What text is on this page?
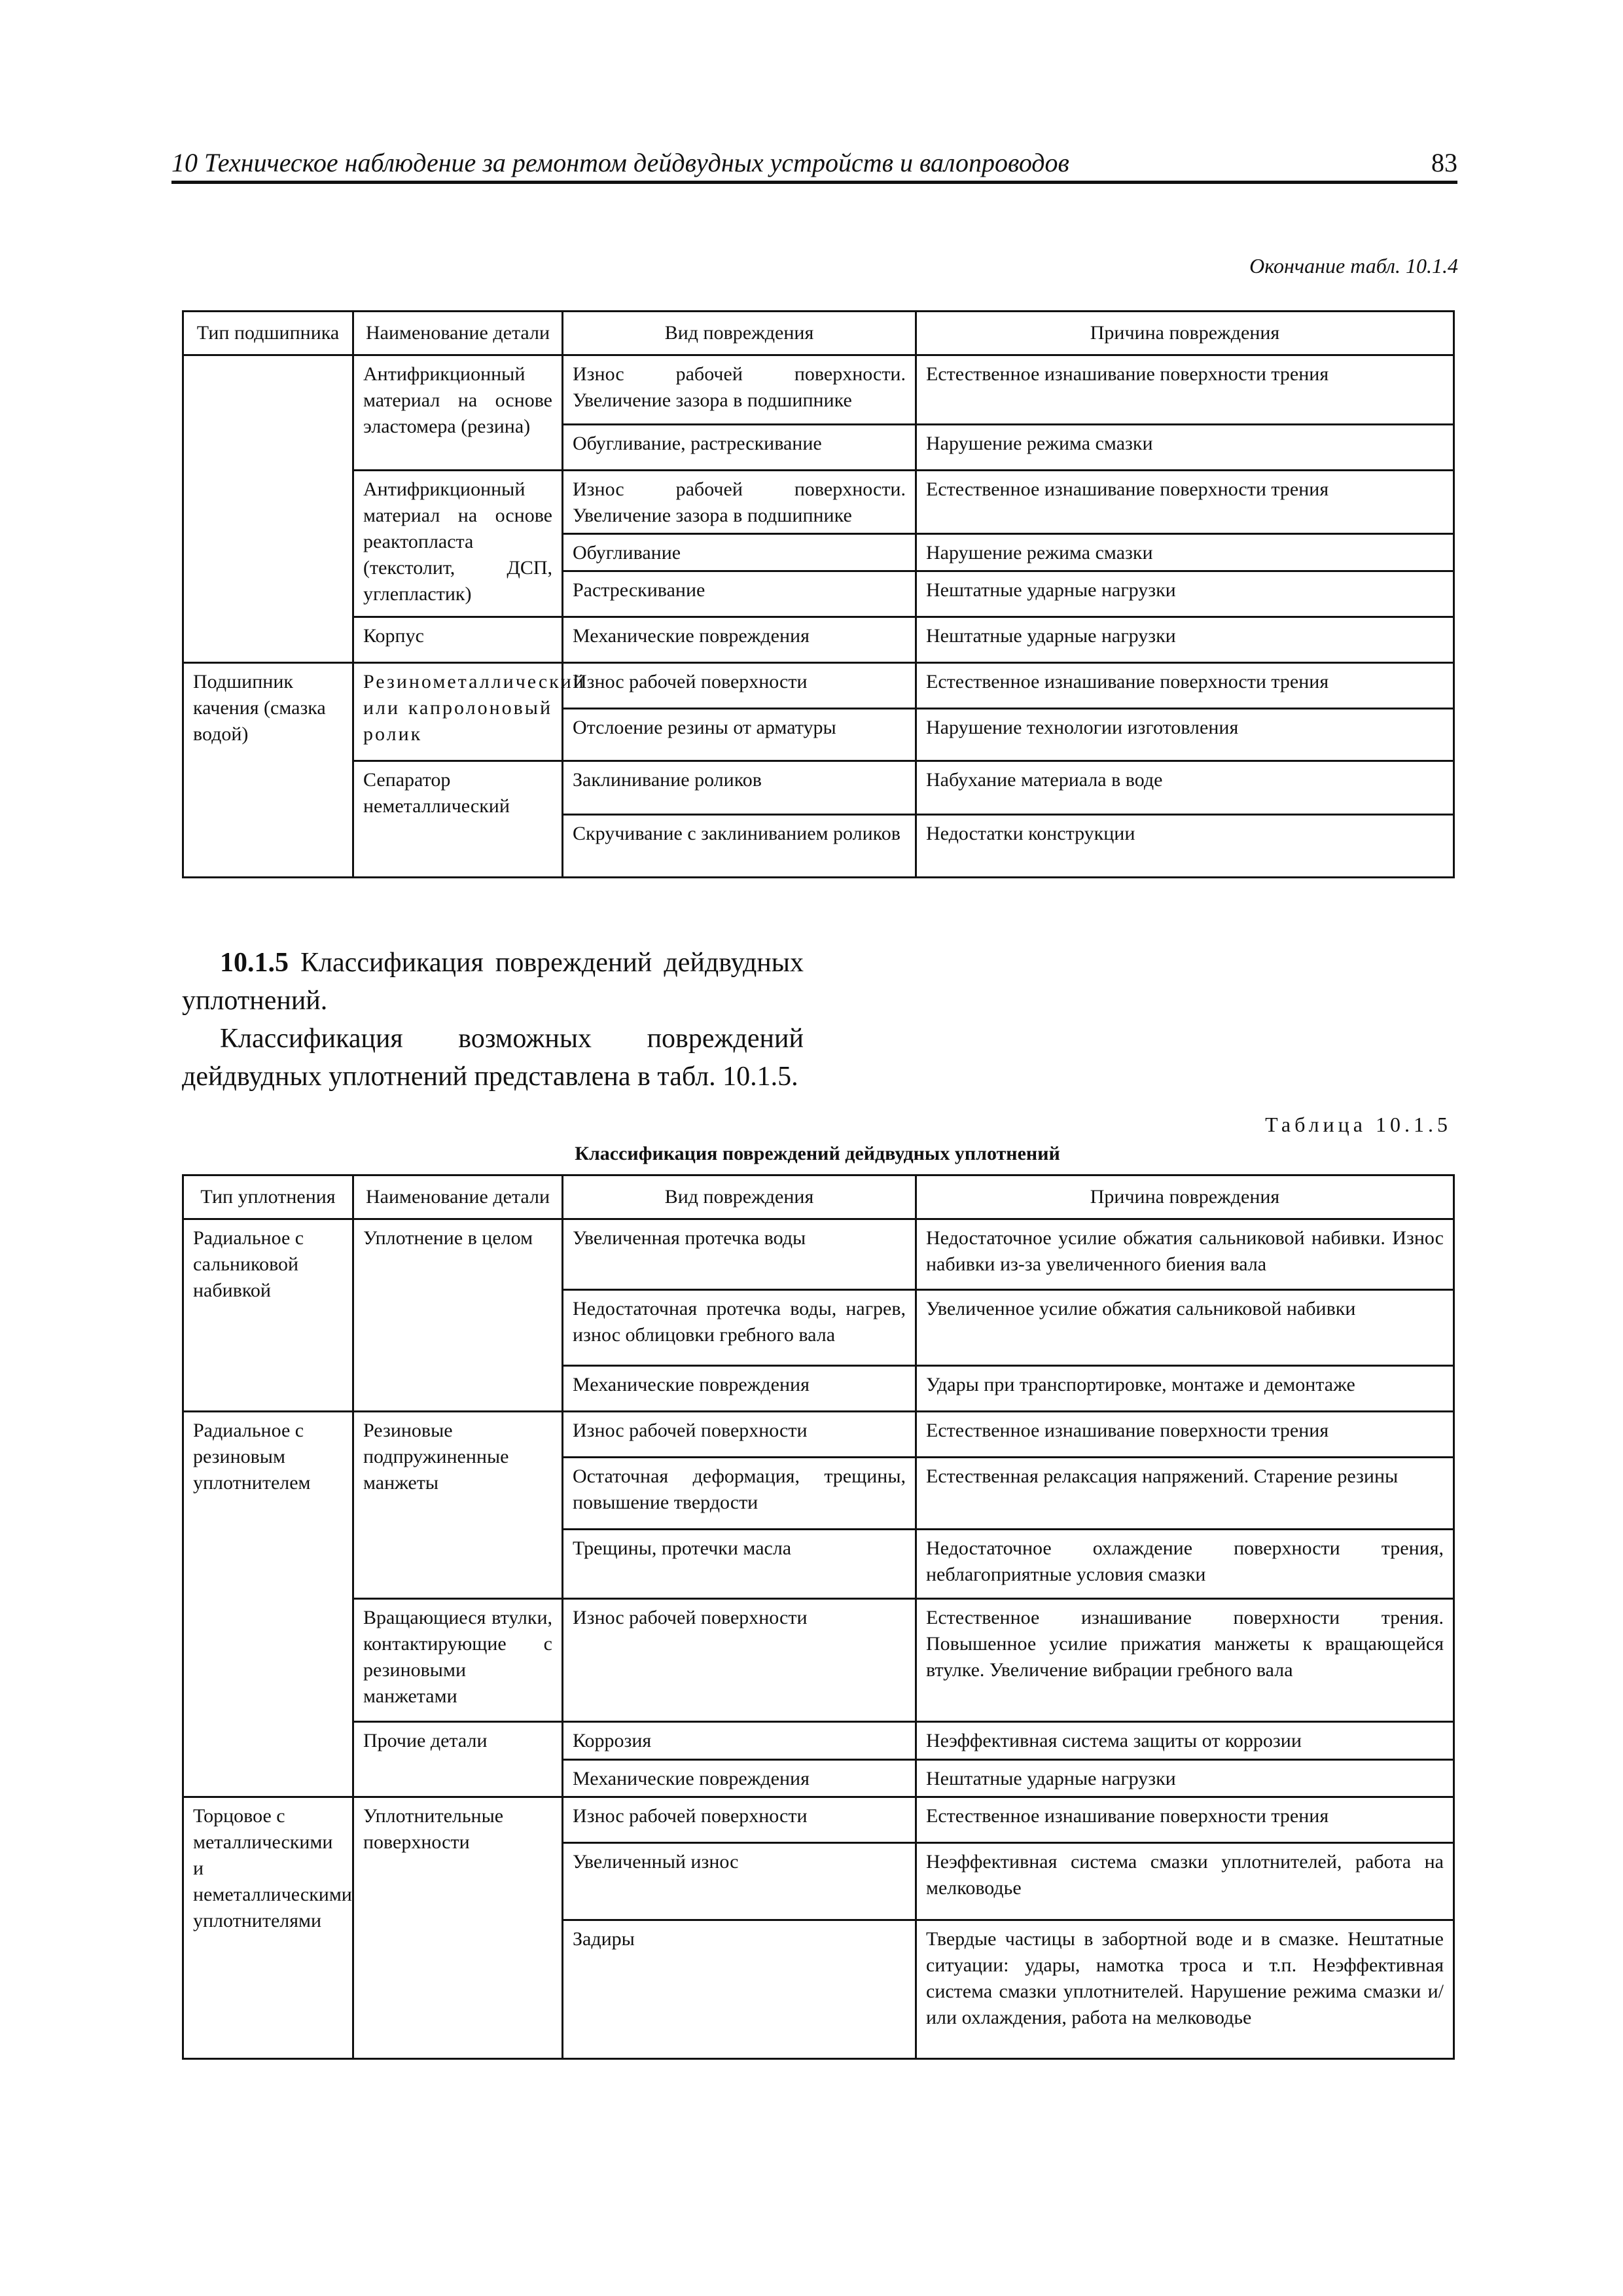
10 Техническое наблюдение за ремонтом дейдвудных устройств и валопроводов	83
Окончание табл. 10.1.4
Тип подшипника	Наименование детали	Вид повреждения	Причина повреждения
	Антифрикционный материал на основе эластомера (резина)	Износ рабочей поверхности. Увеличение зазора в подшипнике	Естественное изнашивание поверхности трения
		Обугливание, растрескивание	Нарушение режима смазки
	Антифрикционный материал на основе реактопласта (текстолит, ДСП, углепластик)	Износ рабочей поверхности. Увеличение зазора в подшипнике	Естественное изнашивание поверхности трения
		Обугливание	Нарушение режима смазки
		Растрескивание	Нештатные ударные нагрузки
	Корпус	Механические повреждения	Нештатные ударные нагрузки
Подшипник качения (смазка водой)	Резинометаллический или капролоновый ролик	Износ рабочей поверхности	Естественное изнашивание поверхности трения
		Отслоение резины от арматуры	Нарушение технологии изготовления
	Сепаратор неметаллический	Заклинивание роликов	Набухание материала в воде
		Скручивание с заклиниванием роликов	Недостатки конструкции

10.1.5 Классификация повреждений дейдвудных уплотнений.

Классификация возможных повреждений дейдвудных уплотнений представлена в табл. 10.1.5.

Таблица 10.1.5
Классификация повреждений дейдвудных уплотнений
Тип уплотнения	Наименование детали	Вид повреждения	Причина повреждения
Радиальное с сальниковой набивкой	Уплотнение в целом	Увеличенная протечка воды	Недостаточное усилие обжатия сальниковой набивки. Износ набивки из-за увеличенного биения вала
		Недостаточная протечка воды, нагрев, износ облицовки гребного вала	Увеличенное усилие обжатия сальниковой набивки
		Механические повреждения	Удары при транспортировке, монтаже и демонтаже
Радиальное с резиновым уплотнителем	Резиновые подпружиненные манжеты	Износ рабочей поверхности	Естественное изнашивание поверхности трения
		Остаточная деформация, трещины, повышение твердости	Естественная релаксация напряжений. Старение резины
		Трещины, протечки масла	Недостаточное охлаждение поверхности трения, неблагоприятные условия смазки
	Вращающиеся втулки, контактирующие с резиновыми манжетами	Износ рабочей поверхности	Естественное изнашивание поверхности трения. Повышенное усилие прижатия манжеты к вращающейся втулке. Увеличение вибрации гребного вала
	Прочие детали	Коррозия	Неэффективная система защиты от коррозии
		Механические повреждения	Нештатные ударные нагрузки
Торцовое с металлическими и неметаллическими уплотнителями	Уплотнительные поверхности	Износ рабочей поверхности	Естественное изнашивание поверхности трения
		Увеличенный износ	Неэффективная система смазки уплотнителей, работа на мелководье
		Задиры	Твердые частицы в забортной воде и в смазке. Нештатные ситуации: удары, намотка троса и т.п. Неэффективная система смазки уплотнителей. Нарушение режима смазки и/или охлаждения, работа на мелководье
